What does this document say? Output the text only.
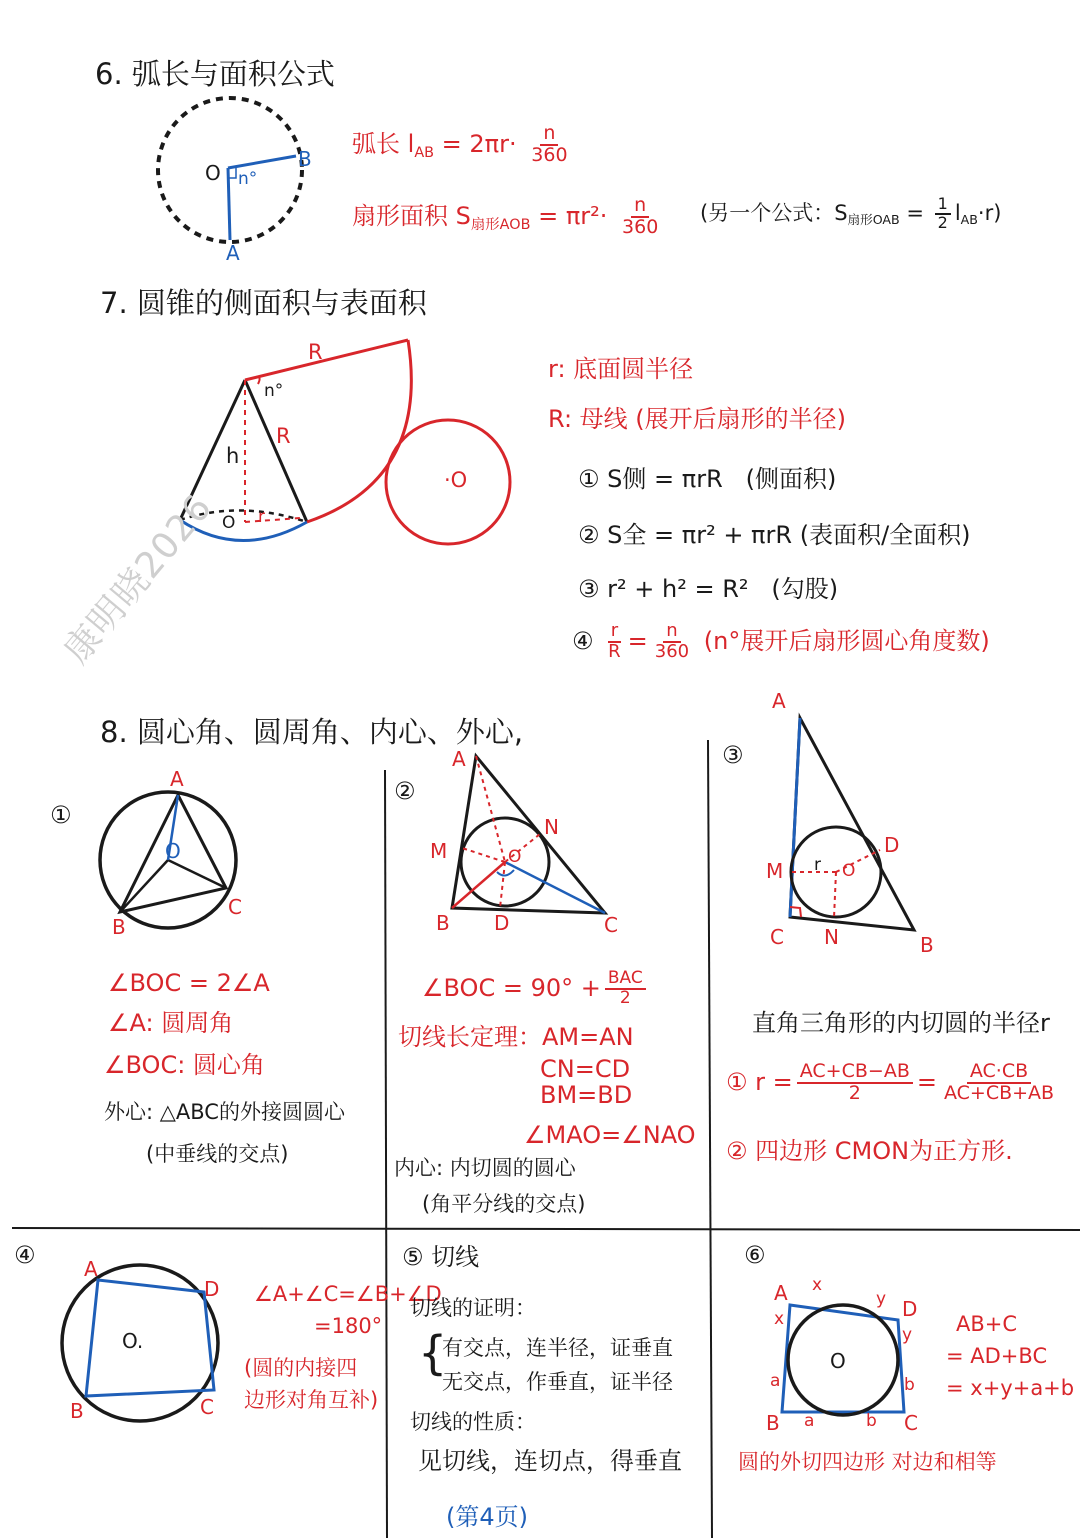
康明晓2026
6. 弧长与面积公式
O
B
A
n°
弧长 $l_{AB} = 2\pi r\cdot \frac{n}{360}$
扇形面积 $S_{扇形AOB} = \pi r^2\cdot \frac{n}{360}$ (另一个公式：$S_{扇形OAB} = \frac{1}{2} l_{AB}\cdot r$)
7. 圆锥的侧面积与表面积
R
n°
R
h
O r
·O
r: 底面圆半径
R: 母线 (展开后扇形的半径)
① S侧 = πrR (侧面积)
② S全 = πr² + πrR (表面积/全面积)
③ r² + h² = R² (勾股)
④ $\frac{r}{R} = \frac{n}{360} (n^\circ$展开后扇形圆心角度数)
8. 圆心角、圆周角、内心、外心,
①
A
O
B
C
∠BOC = 2∠A
∠A: 圆周角
∠BOC: 圆心角
外心: △ABC的外接圆圆心
(中垂线的交点)
②
A
M
N
O
B D	C
∠BOC = $90^\circ + \frac{\text{BAC}}{2}$
切线长定理：AM=AN
CN=CD
BM=BD
∠MAO=∠NAO
内心: 内切圆的圆心
(角平分线的交点)
③
A
M r O
D
C N	B
直角三角形的内切圆的半径r
① $r = \frac{AC+CB-AB}{2} = \frac{AC\cdot CB}{AC+CB+AB}$
② 四边形 CMON为正方形.
④ A
D
O.
B	C
∠A+∠C=∠B+∠D
=180°
(圆的内接四
边形对角互补)
⑤ 切线
切线的证明：
{
有交点，连半径，证垂直
无交点，作垂直，证半径
切线的性质：
见切线，连切点，得垂直
(第4页)
⑥
A
D
B	C
O
x
x
y
y
a
a
b
b
AB+C
= AD+BC
= x+y+a+b
圆的外切四边形 对边和相等
